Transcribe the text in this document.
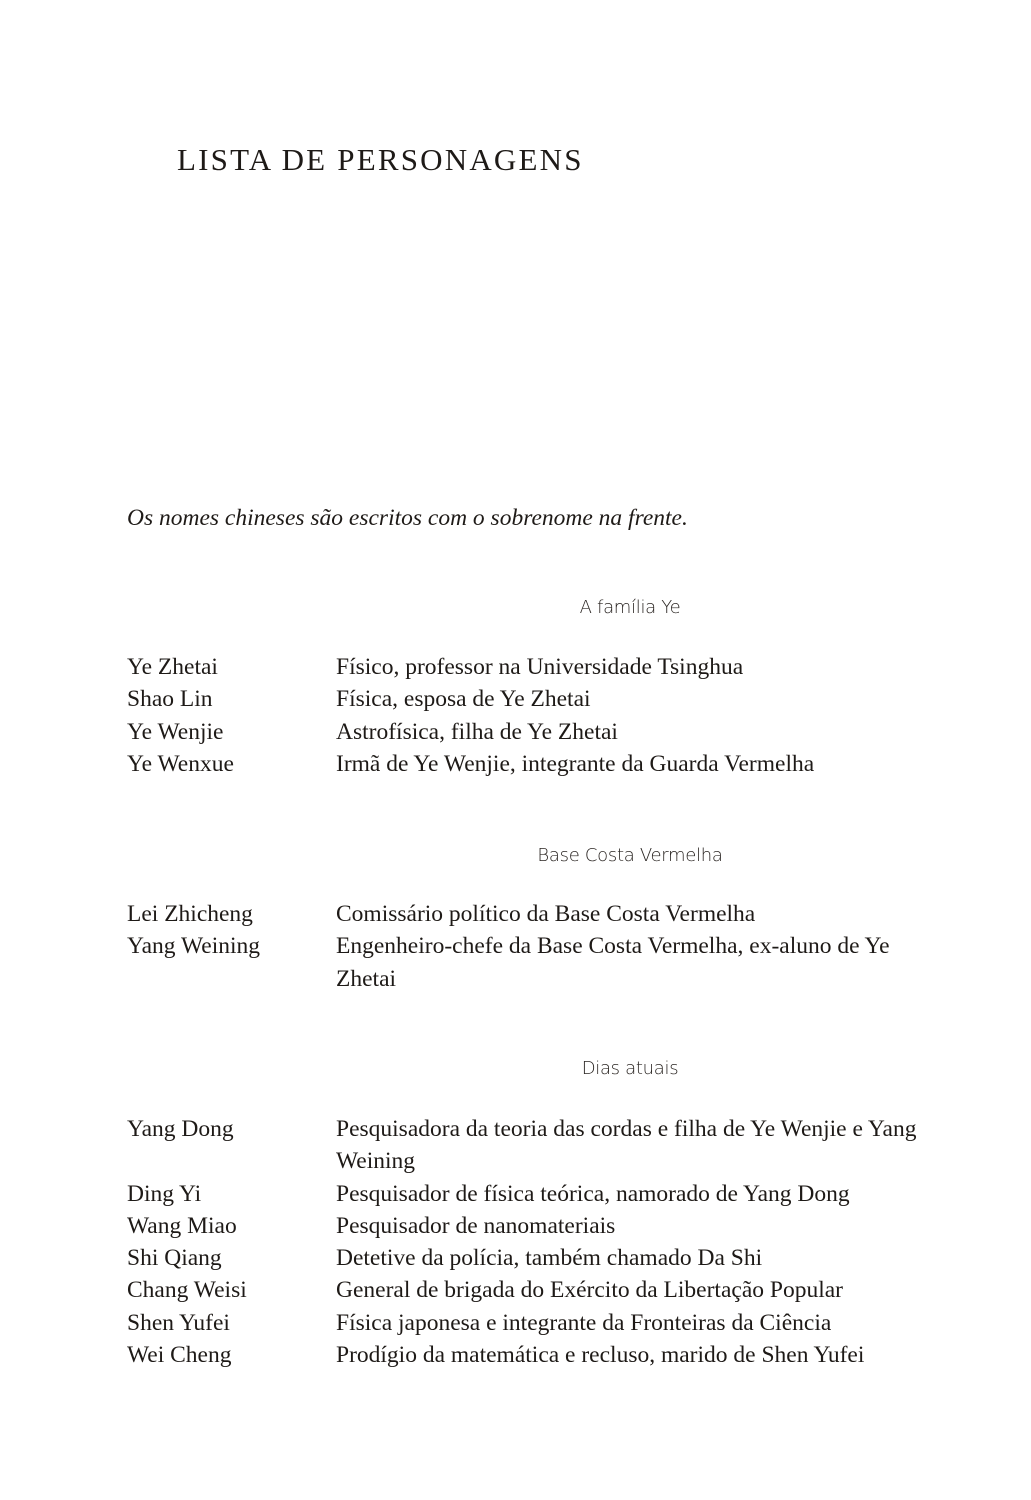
LISTA DE PERSONAGENS
Os nomes chineses são escritos com o sobrenome na frente.
A família Ye
Ye Zhetai	Físico, professor na Universidade Tsinghua
Shao Lin	Física, esposa de Ye Zhetai
Ye Wenjie	Astrofísica, filha de Ye Zhetai
Ye Wenxue	Irmã de Ye Wenjie, integrante da Guarda Vermelha
Base Costa Vermelha
Lei Zhicheng	Comissário político da Base Costa Vermelha
Yang Weining	Engenheiro-chefe da Base Costa Vermelha, ex-aluno de Ye Zhetai
Dias atuais
Yang Dong	Pesquisadora da teoria das cordas e filha de Ye Wenjie e Yang Weining
Ding Yi	Pesquisador de física teórica, namorado de Yang Dong
Wang Miao	Pesquisador de nanomateriais
Shi Qiang	Detetive da polícia, também chamado Da Shi
Chang Weisi	General de brigada do Exército da Libertação Popular
Shen Yufei	Física japonesa e integrante da Fronteiras da Ciência
Wei Cheng	Prodígio da matemática e recluso, marido de Shen Yufei
